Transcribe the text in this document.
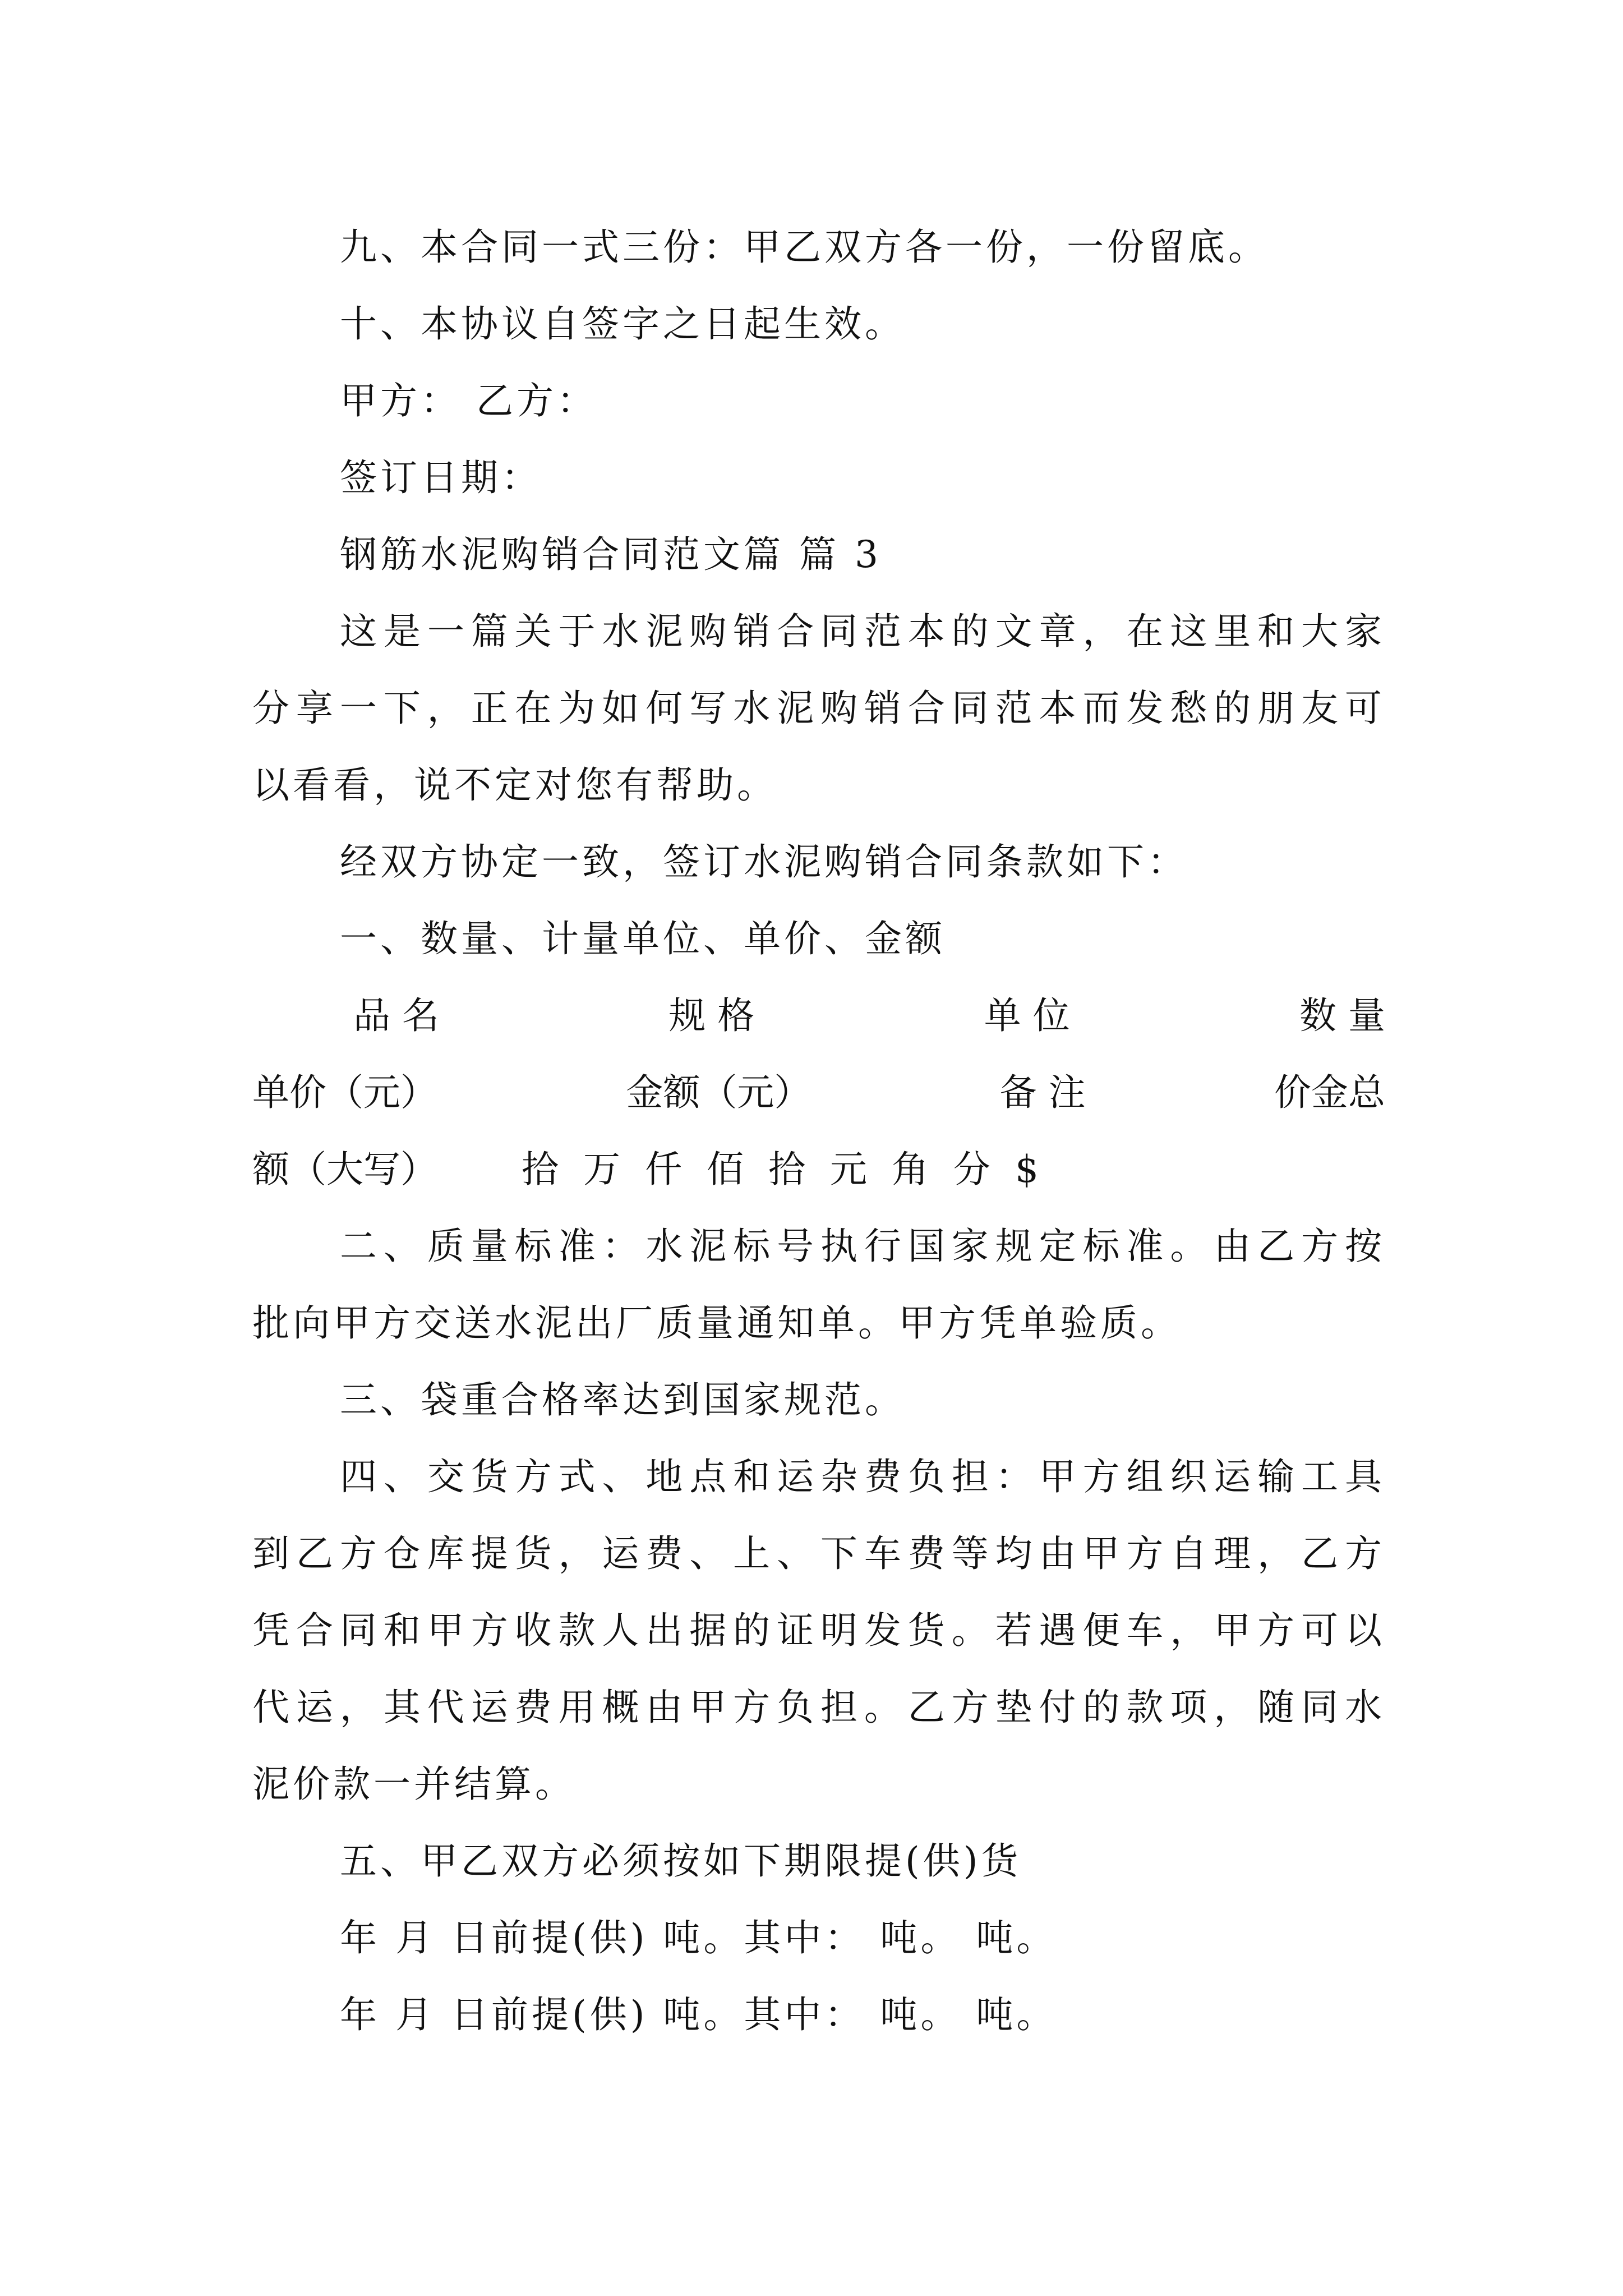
九、本合同一式三份：甲乙双方各一份，一份留底。
十、本协议自签字之日起生效。
甲方： 乙方：
签订日期：
钢筋水泥购销合同范文篇 篇 3
这是一篇关于水泥购销合同范本的文章，在这里和大家
分享一下，正在为如何写水泥购销合同范本而发愁的朋友可
以看看，说不定对您有帮助。
经双方协定一致，签订水泥购销合同条款如下：
一、数量、计量单位、单价、金额
品 名	规 格	单 位	数 量
单价（元）	金额（元）	备 注	价金总
额（大写） 拾 万 仟 佰 拾 元 角 分 $
二、质量标准：水泥标号执行国家规定标准。由乙方按
批向甲方交送水泥出厂质量通知单。甲方凭单验质。
三、袋重合格率达到国家规范。
四、交货方式、地点和运杂费负担：甲方组织运输工具
到乙方仓库提货，运费、上、下车费等均由甲方自理，乙方
凭合同和甲方收款人出据的证明发货。若遇便车，甲方可以
代运，其代运费用概由甲方负担。乙方垫付的款项，随同水
泥价款一并结算。
五、甲乙双方必须按如下期限提(供)货
年 月 日前提(供) 吨。其中： 吨。 吨。
年 月 日前提(供) 吨。其中： 吨。 吨。
